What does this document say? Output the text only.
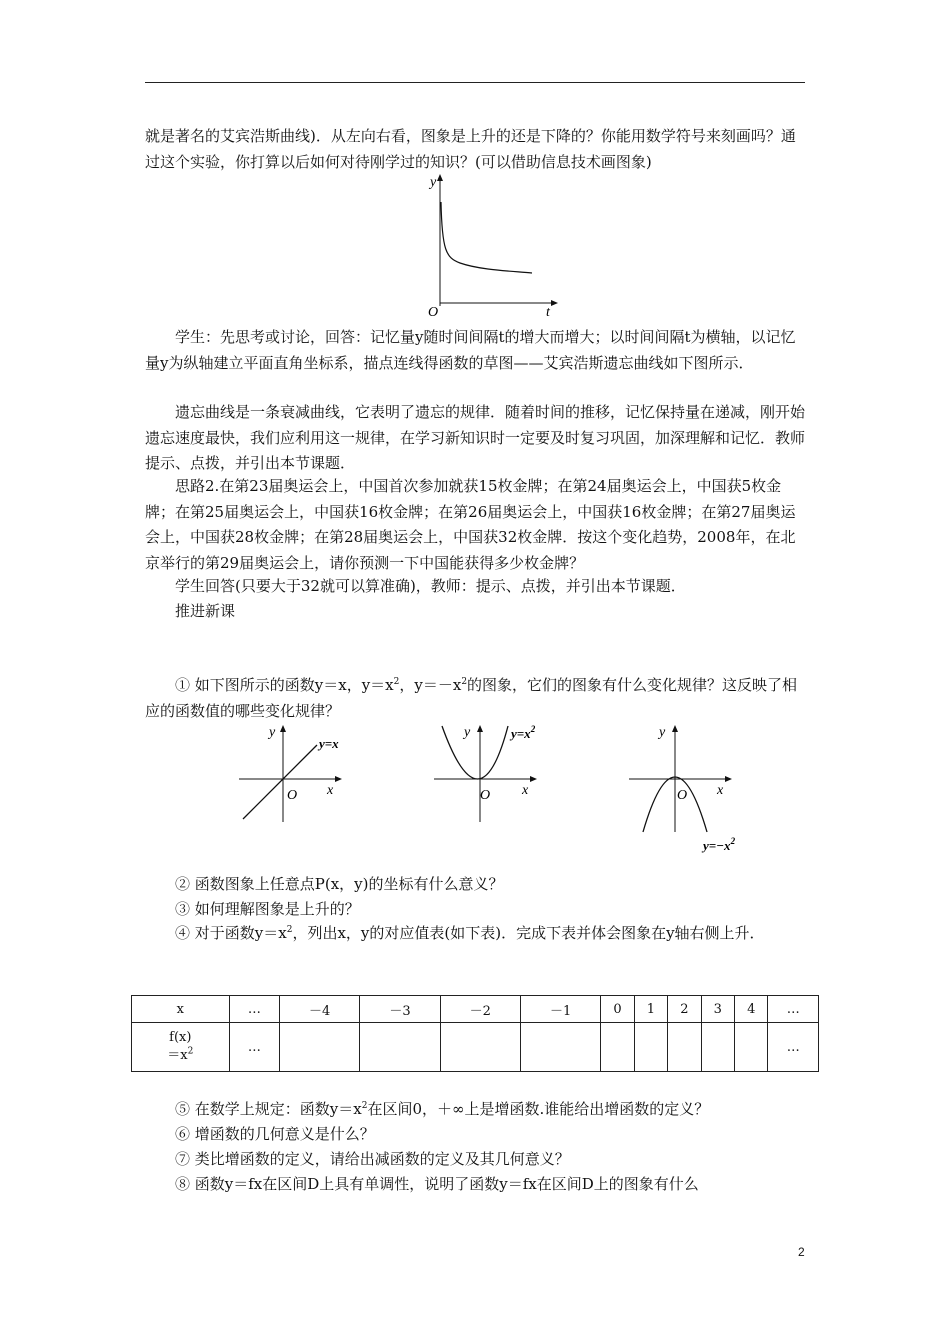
就是著名的艾宾浩斯曲线)．从左向右看，图象是上升的还是下降的？你能用数学符号来刻画吗？通过这个实验，你打算以后如何对待刚学过的知识？(可以借助信息技术画图象)
y
t
O
学生：先思考或讨论，回答：记忆量y随时间间隔t的增大而增大；以时间间隔t为横轴，以记忆量y为纵轴建立平面直角坐标系，描点连线得函数的草图——艾宾浩斯遗忘曲线如下图所示．
遗忘曲线是一条衰减曲线，它表明了遗忘的规律．随着时间的推移，记忆保持量在递减，刚开始遗忘速度最快，我们应利用这一规律，在学习新知识时一定要及时复习巩固，加深理解和记忆．教师提示、点拨，并引出本节课题．
思路2.在第23届奥运会上，中国首次参加就获15枚金牌；在第24届奥运会上，中国获5枚金牌；在第25届奥运会上，中国获16枚金牌；在第26届奥运会上，中国获16枚金牌；在第27届奥运会上，中国获28枚金牌；在第28届奥运会上，中国获32枚金牌．按这个变化趋势，2008年，在北京举行的第29届奥运会上，请你预测一下中国能获得多少枚金牌？
学生回答(只要大于32就可以算准确)，教师：提示、点拨，并引出本节课题．
推进新课
① 如下图所示的函数y＝x，$y=x^2$，$y=-x^2$的图象，它们的图象有什么变化规律？这反映了相应的函数值的哪些变化规律？
y
x
O
y=x
y
x
O
$y=x^2$	y
x
O
$y=-x^2$
② 函数图象上任意点P(x，y)的坐标有什么意义？
③ 如何理解图象是上升的？
④ 对于函数$y=x^2$，列出x，y的对应值表(如下表)．完成下表并体会图象在y轴右侧上升．
x	…	－4	－3	－2	－1	0	1	2	3	4	…

f(x)
$=x^2$	…										…
⑤ 在数学上规定：函数$y=x^2$在区间0，＋∞上是增函数.谁能给出增函数的定义？
⑥ 增函数的几何意义是什么？
⑦ 类比增函数的定义，请给出减函数的定义及其几何意义？
⑧ 函数y＝fx在区间D上具有单调性，说明了函数y＝fx在区间D上的图象有什么
2
